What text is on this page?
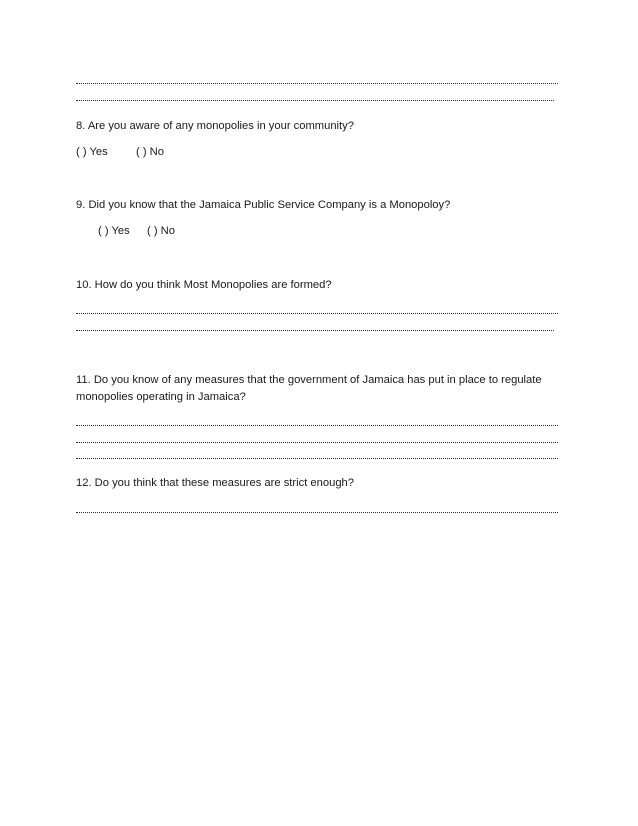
8. Are you aware of any monopolies in your community?
( ) Yes	( ) No
9. Did you know that the Jamaica Public Service Company is a Monopoloy?
( ) Yes ( ) No
10. How do you think Most Monopolies are formed?
11. Do you know of any measures that the government of Jamaica has put in place to regulate
monopolies operating in Jamaica?
12. Do you think that these measures are strict enough?
